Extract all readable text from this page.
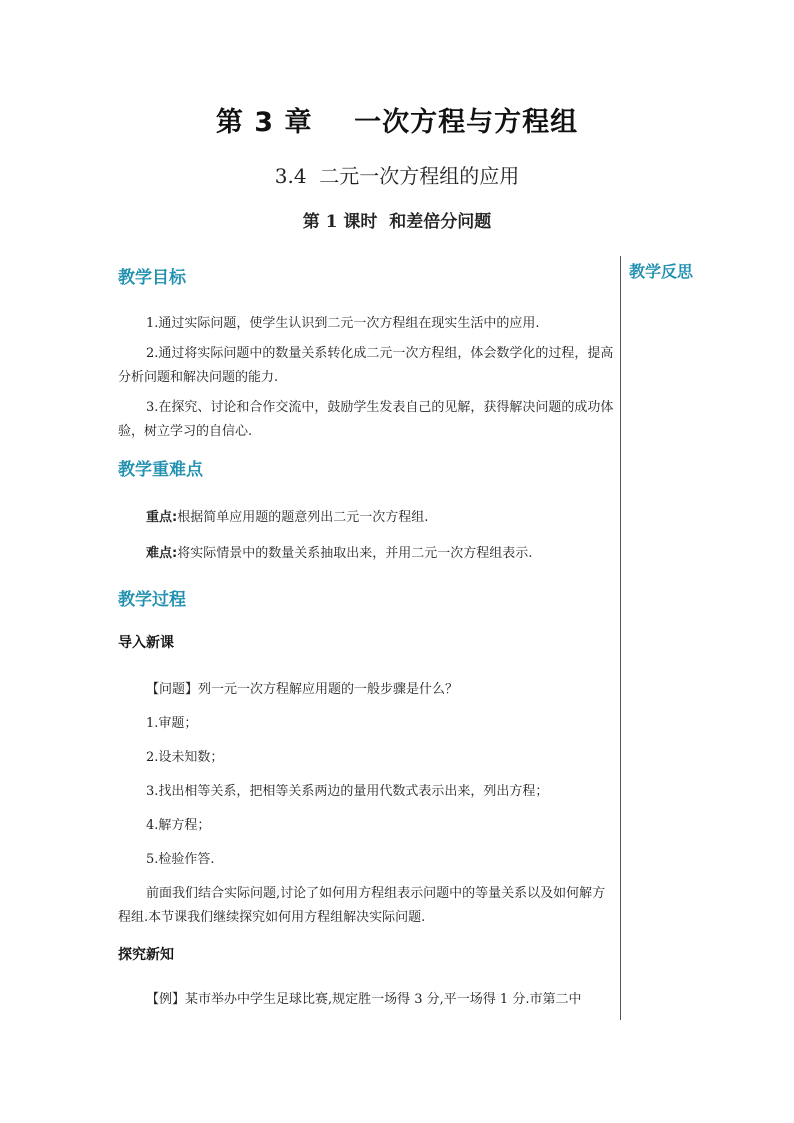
第 3 章    一次方程与方程组
3.4  二元一次方程组的应用
第 1 课时  和差倍分问题
教学反思
教学目标

1.通过实际问题，使学生认识到二元一次方程组在现实生活中的应用.

2.通过将实际问题中的数量关系转化成二元一次方程组，体会数学化的过程，提高分析问题和解决问题的能力.

3.在探究、讨论和合作交流中，鼓励学生发表自己的见解，获得解决问题的成功体验，树立学习的自信心.

教学重难点

重点:根据简单应用题的题意列出二元一次方程组.

难点:将实际情景中的数量关系抽取出来，并用二元一次方程组表示.

教学过程
导入新课

【问题】列一元一次方程解应用题的一般步骤是什么？

1.审题；

2.设未知数；

3.找出相等关系，把相等关系两边的量用代数式表示出来，列出方程；

4.解方程；

5.检验作答.

前面我们结合实际问题,讨论了如何用方程组表示问题中的等量关系以及如何解方程组.本节课我们继续探究如何用方程组解决实际问题.

探究新知

【例】某市举办中学生足球比赛,规定胜一场得 3 分,平一场得 1 分.市第二中
